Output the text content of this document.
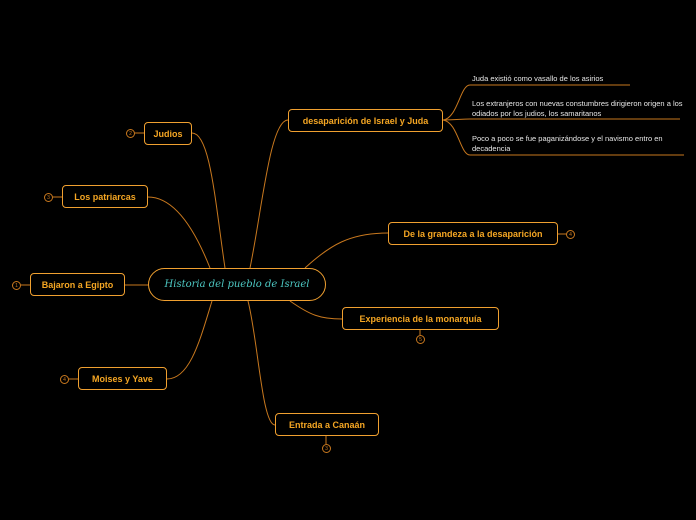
Historia del pueblo de Israel
Judios
Los patriarcas
Bajaron a Egipto
Moises y Yave
desaparición de Israel y Juda
De la grandeza a la desaparición
Experiencia de la monarquía
Entrada a Canaán
2
3
1
4
4
5
3
Juda existió como vasallo de los asirios
Los extranjeros con nuevas constumbres dirigieron origen a los odiados por los judios, los samaritanos
Poco a poco se fue paganizándose y el navismo entro en decadencia
